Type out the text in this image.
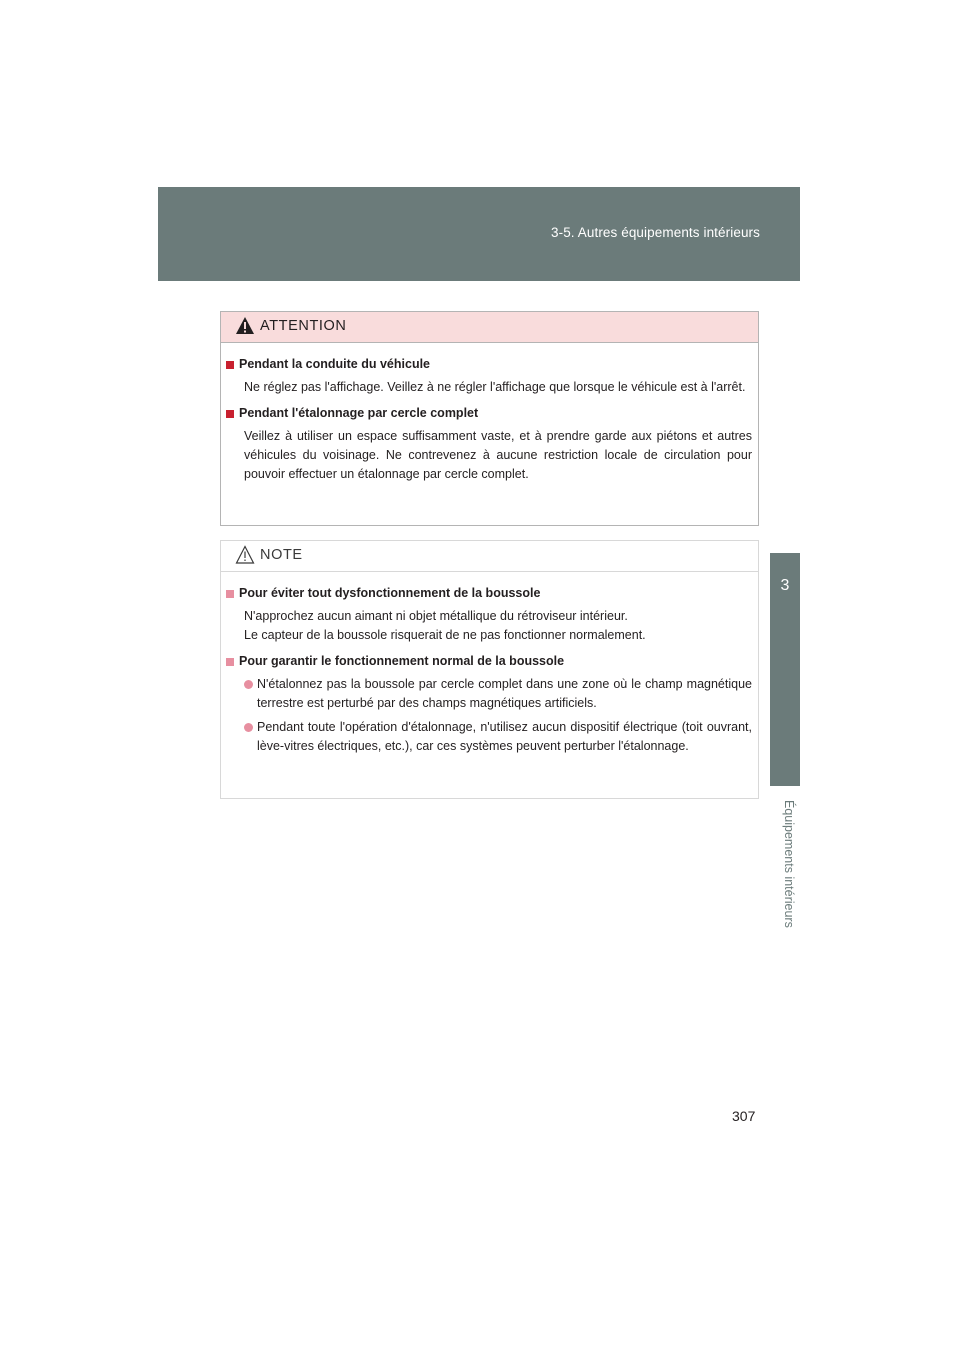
3-5. Autres équipements intérieurs
3
Équipements intérieurs
ATTENTION
Pendant la conduite du véhicule

Ne réglez pas l'affichage. Veillez à ne régler l'affichage que lorsque le véhicule est à l'arrêt.

Pendant l'étalonnage par cercle complet

Veillez à utiliser un espace suffisamment vaste, et à prendre garde aux piétons et autres véhicules du voisinage. Ne contrevenez à aucune restriction locale de circulation pour pouvoir effectuer un étalonnage par cercle complet.

NOTE
Pour éviter tout dysfonctionnement de la boussole

N'approchez aucun aimant ni objet métallique du rétroviseur intérieur.
Le capteur de la boussole risquerait de ne pas fonctionner normalement.

Pour garantir le fonctionnement normal de la boussole
N'étalonnez pas la boussole par cercle complet dans une zone où le champ magnétique terrestre est perturbé par des champs magnétiques artificiels.
Pendant toute l'opération d'étalonnage, n'utilisez aucun dispositif électrique (toit ouvrant, lève-vitres électriques, etc.), car ces systèmes peuvent perturber l'étalonnage.
307
